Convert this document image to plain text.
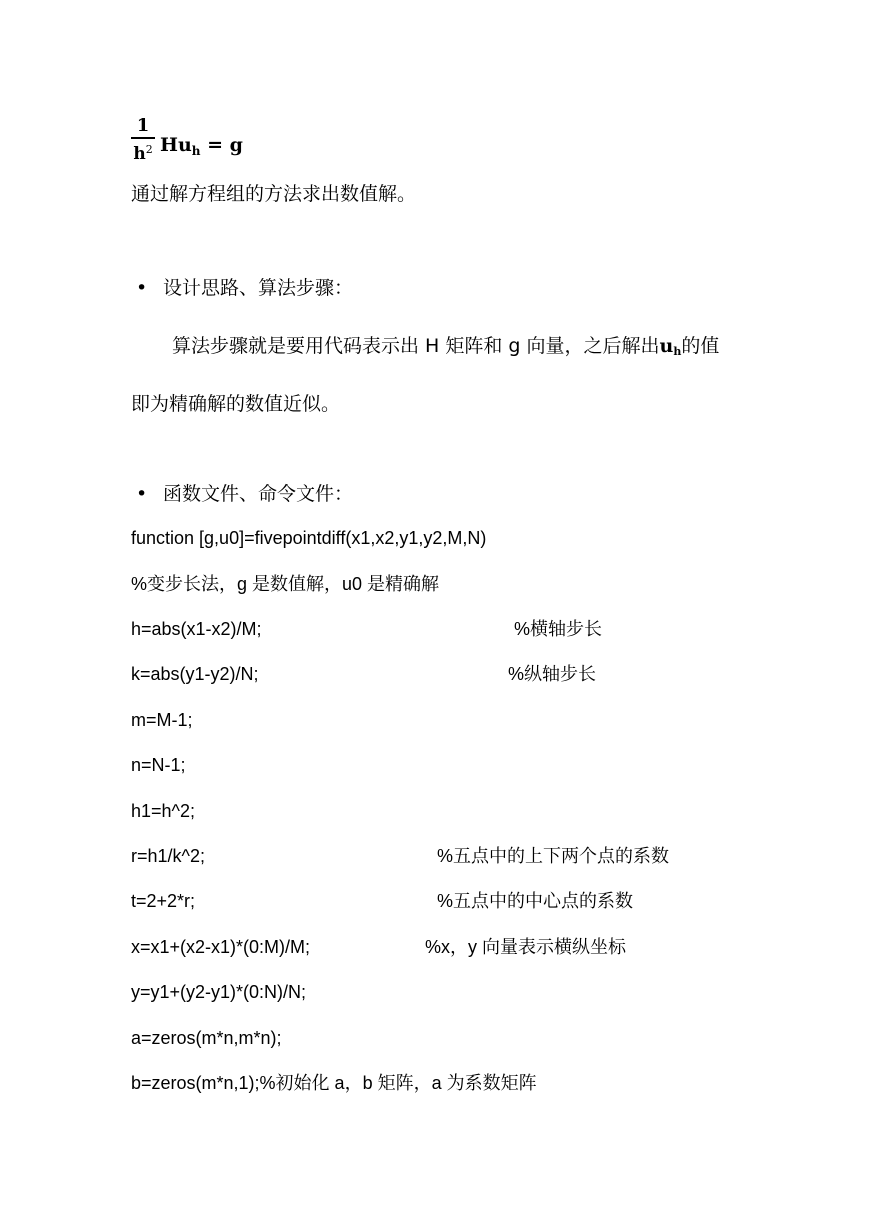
1
$h^2$ $Hu_h = g$
通过解方程组的方法求出数值解。
• 设计思路、算法步骤：
算法步骤就是要用代码表示出 H 矩阵和 g 向量，之后解出$u_h$的值
即为精确解的数值近似。
• 函数文件、命令文件：
function [g,u0]=fivepointdiff(x1,x2,y1,y2,M,N)
%变步长法，g 是数值解，u0 是精确解
h=abs(x1-x2)/M;	%横轴步长
k=abs(y1-y2)/N;	%纵轴步长
m=M-1;
n=N-1;
h1=h^2;
r=h1/k^2;	%五点中的上下两个点的系数
t=2+2*r;	%五点中的中心点的系数
x=x1+(x2-x1)*(0:M)/M;	%x，y 向量表示横纵坐标
y=y1+(y2-y1)*(0:N)/N;
a=zeros(m*n,m*n);
b=zeros(m*n,1);%初始化 a，b 矩阵，a 为系数矩阵
